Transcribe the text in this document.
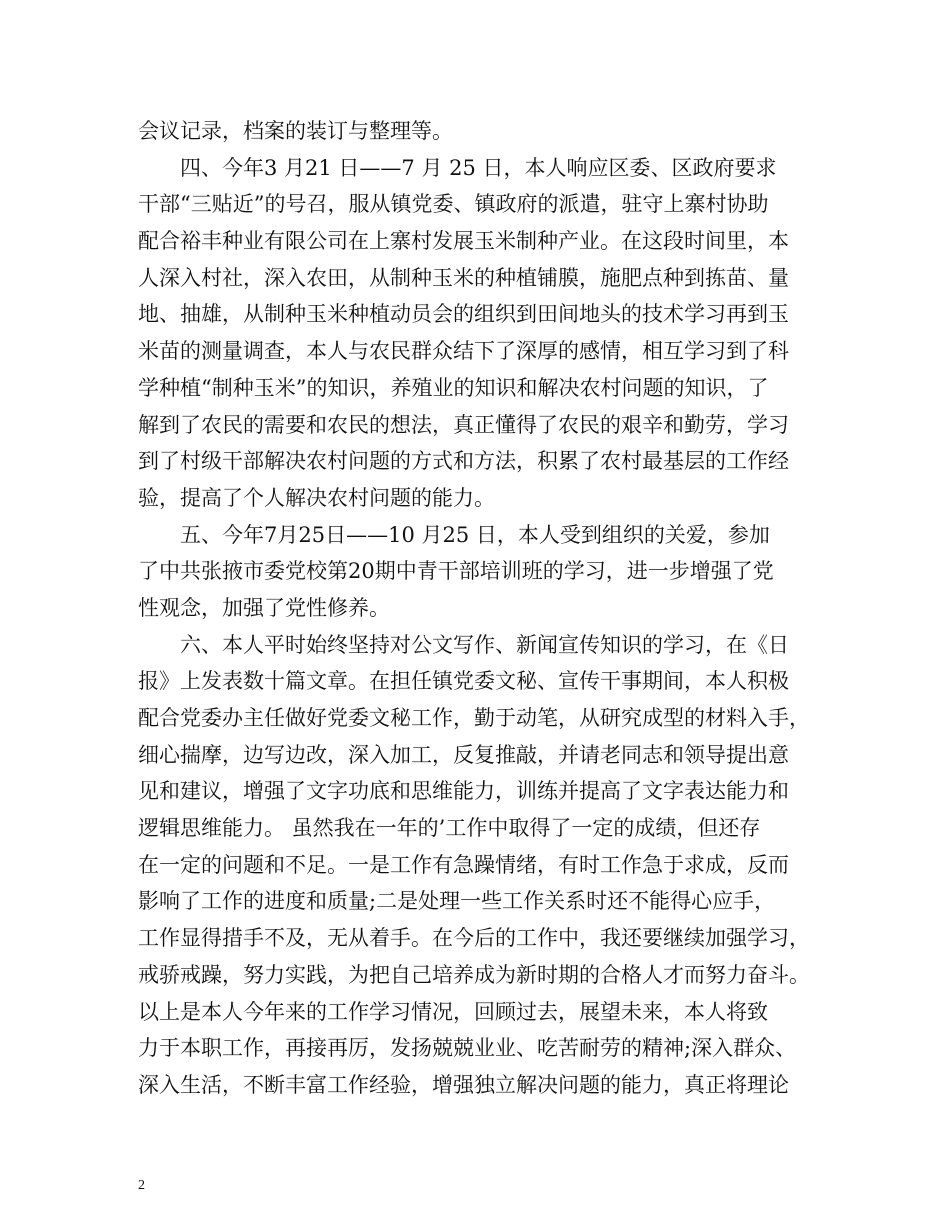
会议记录，档案的装订与整理等。
　　四、今年3 月21 日——7 月 25 日，本人响应区委、区政府要求
干部“三贴近”的号召，服从镇党委、镇政府的派遣，驻守上寨村协助
配合裕丰种业有限公司在上寨村发展玉米制种产业。在这段时间里，本
人深入村社，深入农田，从制种玉米的种植铺膜，施肥点种到拣苗、量
地、抽雄，从制种玉米种植动员会的组织到田间地头的技术学习再到玉
米苗的测量调查，本人与农民群众结下了深厚的感情，相互学习到了科
学种植“制种玉米”的知识，养殖业的知识和解决农村问题的知识，了
解到了农民的需要和农民的想法，真正懂得了农民的艰辛和勤劳，学习
到了村级干部解决农村问题的方式和方法，积累了农村最基层的工作经
验，提高了个人解决农村问题的能力。
　　五、今年7月25日——10 月25 日，本人受到组织的关爱，参加
了中共张掖市委党校第20期中青干部培训班的学习，进一步增强了党
性观念，加强了党性修养。
　　六、本人平时始终坚持对公文写作、新闻宣传知识的学习，在《日
报》上发表数十篇文章。在担任镇党委文秘、宣传干事期间，本人积极
配合党委办主任做好党委文秘工作，勤于动笔，从研究成型的材料入手，
细心揣摩，边写边改，深入加工，反复推敲，并请老同志和领导提出意
见和建议，增强了文字功底和思维能力，训练并提高了文字表达能力和
逻辑思维能力。 虽然我在一年的’工作中取得了一定的成绩，但还存
在一定的问题和不足。一是工作有急躁情绪，有时工作急于求成，反而
影响了工作的进度和质量;二是处理一些工作关系时还不能得心应手，
工作显得措手不及，无从着手。在今后的工作中，我还要继续加强学习，
戒骄戒躁，努力实践，为把自己培养成为新时期的合格人才而努力奋斗。
以上是本人今年来的工作学习情况，回顾过去，展望未来，本人将致
力于本职工作，再接再厉，发扬兢兢业业、吃苦耐劳的精神;深入群众、
深入生活，不断丰富工作经验，增强独立解决问题的能力，真正将理论
2
